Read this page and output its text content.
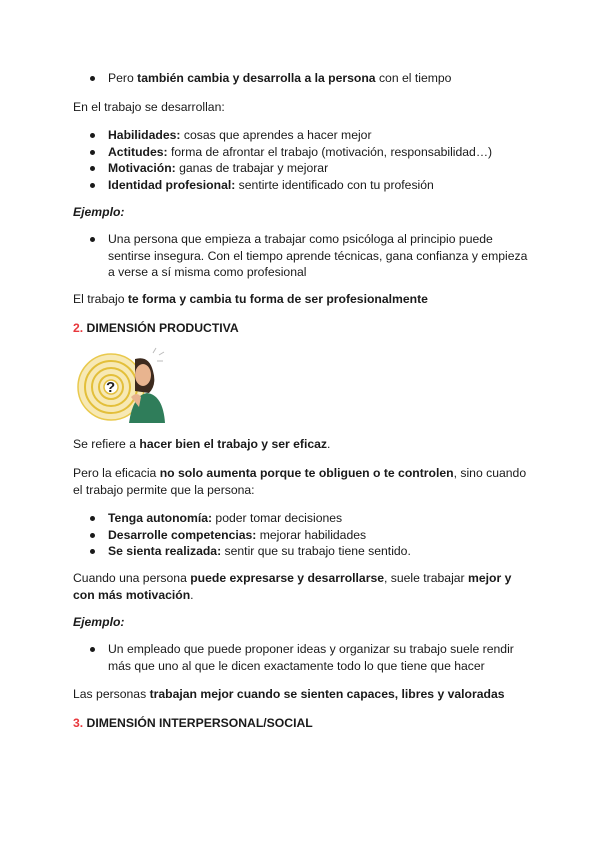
Pero también cambia y desarrolla a la persona con el tiempo

En el trabajo se desarrollan:

Habilidades: cosas que aprendes a hacer mejor
Actitudes: forma de afrontar el trabajo (motivación, responsabilidad…)
Motivación: ganas de trabajar y mejorar
Identidad profesional: sentirte identificado con tu profesión

Ejemplo:

Una persona que empieza a trabajar como psicóloga al principio puede
sentirse insegura. Con el tiempo aprende técnicas, gana confianza y empieza
a verse a sí misma como profesional

El trabajo te forma y cambia tu forma de ser profesionalmente

2. DIMENSIÓN PRODUCTIVA

?

Se refiere a hacer bien el trabajo y ser eficaz.

Pero la eficacia no solo aumenta porque te obliguen o te controlen, sino cuando
el trabajo permite que la persona:

Tenga autonomía: poder tomar decisiones
Desarrolle competencias: mejorar habilidades
Se sienta realizada: sentir que su trabajo tiene sentido.

Cuando una persona puede expresarse y desarrollarse, suele trabajar mejor y
con más motivación.

Ejemplo:

Un empleado que puede proponer ideas y organizar su trabajo suele rendir
más que uno al que le dicen exactamente todo lo que tiene que hacer

Las personas trabajan mejor cuando se sienten capaces, libres y valoradas

3. DIMENSIÓN INTERPERSONAL/SOCIAL
